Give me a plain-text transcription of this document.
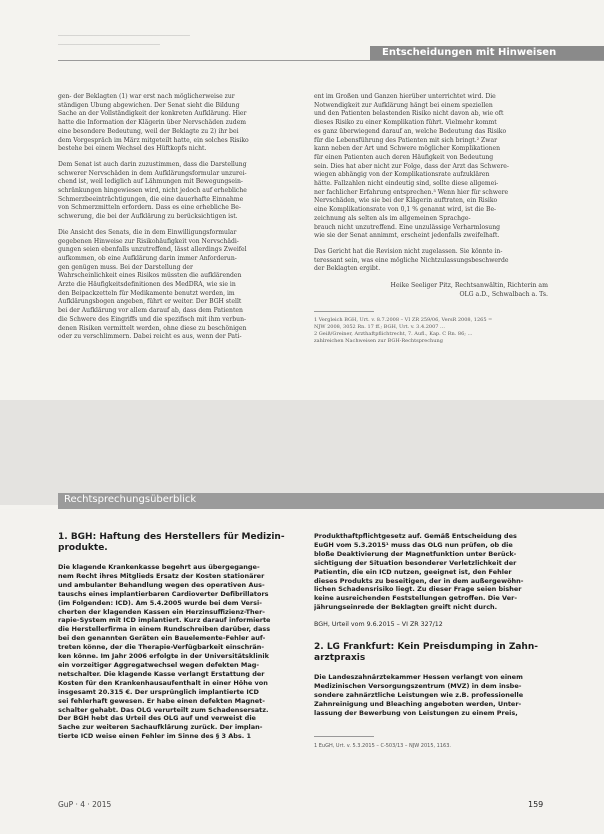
…………………………………………………………
……………………………………………
Entscheidungen mit Hinweisen

gen- der Beklagten (1) war erst nach möglicherweise zur
ständigen Übung abgewichen. Der Senat sieht die Bildung
Sache an der Vollständigkeit der konkreten Aufklärung. Hier
hatte die Information der Klägerin über Nervschäden zudem
eine besondere Bedeutung, weil der Beklagte zu 2) ihr bei
dem Vorgespräch im März mitgeteilt hatte, ein solches Risiko
bestehe bei einem Wechsel des Hüftkopfs nicht.

Dem Senat ist auch darin zuzustimmen, dass die Darstellung
schwerer Nervschäden in dem Aufklärungsformular unzurei-
chend ist, weil lediglich auf Lähmungen mit Bewegungsein-
schränkungen hingewiesen wird, nicht jedoch auf erhebliche
Schmerzbeeinträchtigungen, die eine dauerhafte Einnahme
von Schmerzmitteln erfordern. Dass es eine erhebliche Be-
schwerung, die bei der Aufklärung zu berücksichtigen ist.

Die Ansicht des Senats, die in dem Einwilligungsformular
gegebenen Hinweise zur Risikohäufigkeit von Nervschädi-
gungen seien ebenfalls unzutreffend, lässt allerdings Zweifel
aufkommen, ob eine Aufklärung darin immer Anforderun-
gen genügen muss. Bei der Darstellung der
Wahrscheinlichkeit eines Risikos müssten die aufklärenden
Ärzte die Häufigkeitsdefinitionen des MedDRA, wie sie in
den Beipackzetteln für Medikamente benutzt werden, im
Aufklärungsbogen angeben, führt er weiter. Der BGH stellt
bei der Aufklärung vor allem darauf ab, dass dem Patienten
die Schwere des Eingriffs und die spezifisch mit ihm verbun-
denen Risiken vermittelt werden, ohne diese zu beschönigen
oder zu verschlimmern. Dabei reicht es aus, wenn der Pati-

ent im Großen und Ganzen hierüber unterrichtet wird. Die
Notwendigkeit zur Aufklärung hängt bei einem speziellen
und den Patienten belastenden Risiko nicht davon ab, wie oft
dieses Risiko zu einer Komplikation führt. Vielmehr kommt
es ganz überwiegend darauf an, welche Bedeutung das Risiko
für die Lebensführung des Patienten mit sich bringt.² Zwar
kann neben der Art und Schwere möglicher Komplikationen
für einen Patienten auch deren Häufigkeit von Bedeutung
sein. Dies hat aber nicht zur Folge, dass der Arzt das Schwere-
wiegen abhängig von der Komplikationsrate aufzuklären
hätte. Fallzahlen nicht eindeutig sind, sollte diese allgemei-
ner fachlicher Erfahrung entsprechen.³ Wenn hier für schwere
Nervschäden, wie sie bei der Klägerin auftraten, ein Risiko
eine Komplikationsrate von 0,1 % genannt wird, ist die Be-
zeichnung als selten als im allgemeinen Sprachge-
brauch nicht unzutreffend. Eine unzulässige Verharmlosung
wie sie der Senat annimmt, erscheint jedenfalls zweifelhaft.

Das Gericht hat die Revision nicht zugelassen. Sie könnte in-
teressant sein, was eine mögliche Nichtzulassungsbeschwerde
der Beklagten ergibt.

Heike Seeliger Pitz, Rechtsanwältin, Richterin am
OLG a.D., Schwalbach a. Ts.
1 Vergleich BGH, Urt. v. 8.7.2008 – VI ZR 259/06, VersR 2008, 1265 =
NJW 2008, 3052 Rn. 17 ff.; BGH, Urt. v. 3.4.2007 …
2 Geiß/Greiner, Arzthaftpflichtrecht, 7. Aufl., Kap. C Rn. 86; …
zahlreichen Nachweisen zur BGH-Rechtsprechung
Rechtsprechungsüberblick
1. BGH: Haftung des Herstellers für Medizin-
produkte.
Die klagende Krankenkasse begehrt aus übergegange-
nem Recht ihres Mitglieds Ersatz der Kosten stationärer
und ambulanter Behandlung wegen des operativen Aus-
tauschs eines implantierbaren Cardioverter Defibrillators
(im Folgenden: ICD). Am 5.4.2005 wurde bei dem Versi-
cherten der klagenden Kassen ein Herzinsuffizienz-Ther-
rapie-System mit ICD implantiert. Kurz darauf informierte
die Herstellerfirma in einem Rundschreiben darüber, dass
bei den genannten Geräten ein Bauelemente-Fehler auf-
treten könne, der die Therapie-Verfügbarkeit einschrän-
ken könne. Im Jahr 2006 erfolgte in der Universitätsklinik
ein vorzeitiger Aggregatwechsel wegen defekten Mag-
netschalter. Die klagende Kasse verlangt Erstattung der
Kosten für den Krankenhausaufenthalt in einer Höhe von
insgesamt 20.315 €. Der ursprünglich implantierte ICD
sei fehlerhaft gewesen. Er habe einen defekten Magnet-
schalter gehabt. Das OLG verurteilt zum Schadensersatz.
Der BGH hebt das Urteil des OLG auf und verweist die
Sache zur weiteren Sachaufklärung zurück. Der implan-
tierte ICD weise einen Fehler im Sinne des § 3 Abs. 1
Produkthaftpflichtgesetz auf. Gemäß Entscheidung des
EuGH vom 5.3.2015¹ muss das OLG nun prüfen, ob die
bloße Deaktivierung der Magnetfunktion unter Berück-
sichtigung der Situation besonderer Verletzlichkeit der
Patientin, die ein ICD nutzen, geeignet ist, den Fehler
dieses Produkts zu beseitigen, der in dem außergewöhn-
lichen Schadensrisiko liegt. Zu dieser Frage seien bisher
keine ausreichenden Feststellungen getroffen. Die Ver-
jährungseinrede der Beklagten greift nicht durch.
BGH, Urteil vom 9.6.2015 – VI ZR 327/12
2. LG Frankfurt: Kein Preisdumping in Zahn-
arztpraxis
Die Landeszahnärztekammer Hessen verlangt von einem
Medizinischen Versorgungszentrum (MVZ) in dem insbe-
sondere zahnärztliche Leistungen wie z.B. professionelle
Zahnreinigung und Bleaching angeboten werden, Unter-
lassung der Bewerbung von Leistungen zu einem Preis,
1 EuGH, Urt. v. 5.3.2015 – C-503/13 – NJW 2015, 1163.
GuP · 4 · 2015	159
